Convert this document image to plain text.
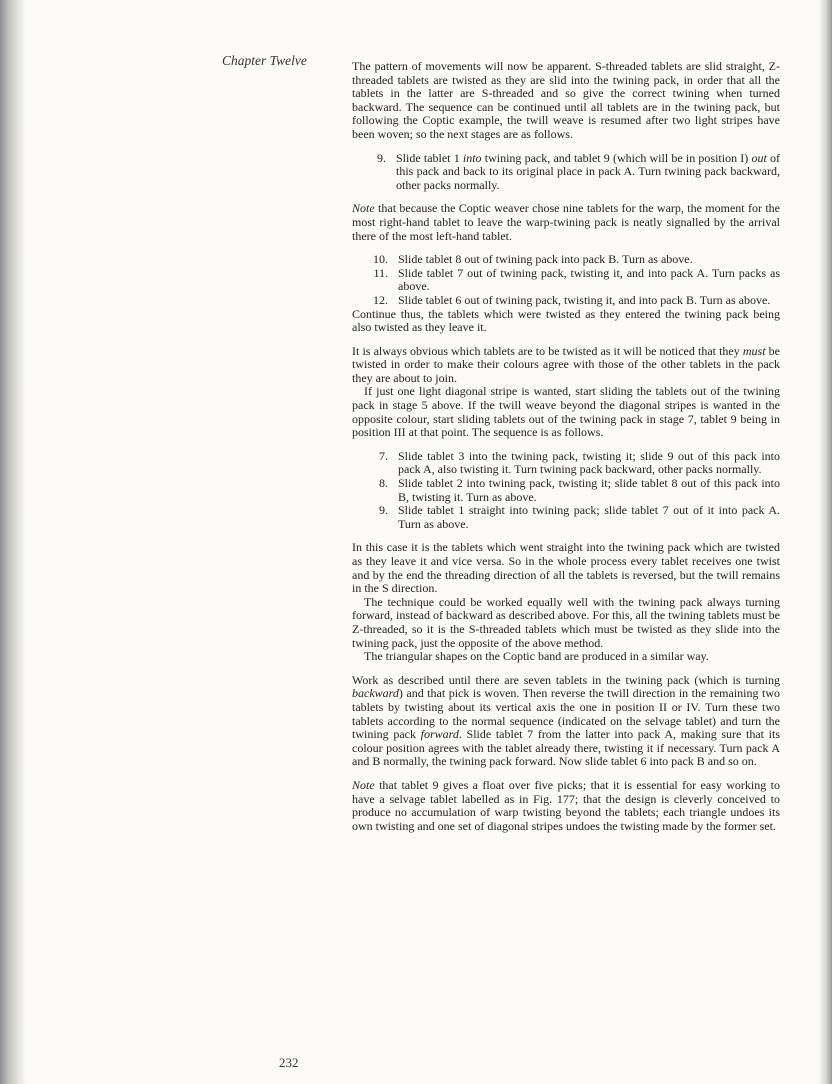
Chapter Twelve	The pattern of movements will now be apparent. S-threaded tablets are slid straight, Z-threaded tablets are twisted as they are slid into the twining pack, in order that all the tablets in the latter are S-threaded and so give the correct twining when turned backward. The sequence can be continued until all tablets are in the twining pack, but following the Coptic example, the twill weave is resumed after two light stripes have been woven; so the next stages are as follows.

9. Slide tablet 1 into twining pack, and tablet 9 (which will be in position I) out of this pack and back to its original place in pack A. Turn twining pack backward, other packs normally.

Note that because the Coptic weaver chose nine tablets for the warp, the moment for the most right-hand tablet to leave the warp-twining pack is neatly signalled by the arrival there of the most left-hand tablet.

10. Slide tablet 8 out of twining pack into pack B. Turn as above.
11. Slide tablet 7 out of twining pack, twisting it, and into pack A. Turn packs as above.
12. Slide tablet 6 out of twining pack, twisting it, and into pack B. Turn as above.

Continue thus, the tablets which were twisted as they entered the twining pack being also twisted as they leave it.

It is always obvious which tablets are to be twisted as it will be noticed that they must be twisted in order to make their colours agree with those of the other tablets in the pack they are about to join.

If just one light diagonal stripe is wanted, start sliding the tablets out of the twining pack in stage 5 above. If the twill weave beyond the diagonal stripes is wanted in the opposite colour, start sliding tablets out of the twining pack in stage 7, tablet 9 being in position III at that point. The sequence is as follows.

7. Slide tablet 3 into the twining pack, twisting it; slide 9 out of this pack into pack A, also twisting it. Turn twining pack backward, other packs normally.
8. Slide tablet 2 into twining pack, twisting it; slide tablet 8 out of this pack into B, twisting it. Turn as above.
9. Slide tablet 1 straight into twining pack; slide tablet 7 out of it into pack A. Turn as above.

In this case it is the tablets which went straight into the twining pack which are twisted as they leave it and vice versa. So in the whole process every tablet receives one twist and by the end the threading direction of all the tablets is reversed, but the twill remains in the S direction.

The technique could be worked equally well with the twining pack always turning forward, instead of backward as described above. For this, all the twining tablets must be Z-threaded, so it is the S-threaded tablets which must be twisted as they slide into the twining pack, just the opposite of the above method.

The triangular shapes on the Coptic band are produced in a similar way.

Work as described until there are seven tablets in the twining pack (which is turning backward) and that pick is woven. Then reverse the twill direction in the remaining two tablets by twisting about its vertical axis the one in position II or IV. Turn these two tablets according to the normal sequence (indicated on the selvage tablet) and turn the twining pack forward. Slide tablet 7 from the latter into pack A, making sure that its colour position agrees with the tablet already there, twisting it if necessary. Turn pack A and B normally, the twining pack forward. Now slide tablet 6 into pack B and so on.

Note that tablet 9 gives a float over five picks; that it is essential for easy working to have a selvage tablet labelled as in Fig. 177; that the design is cleverly conceived to produce no accumulation of warp twisting beyond the tablets; each triangle undoes its own twisting and one set of diagonal stripes undoes the twisting made by the former set.

232
